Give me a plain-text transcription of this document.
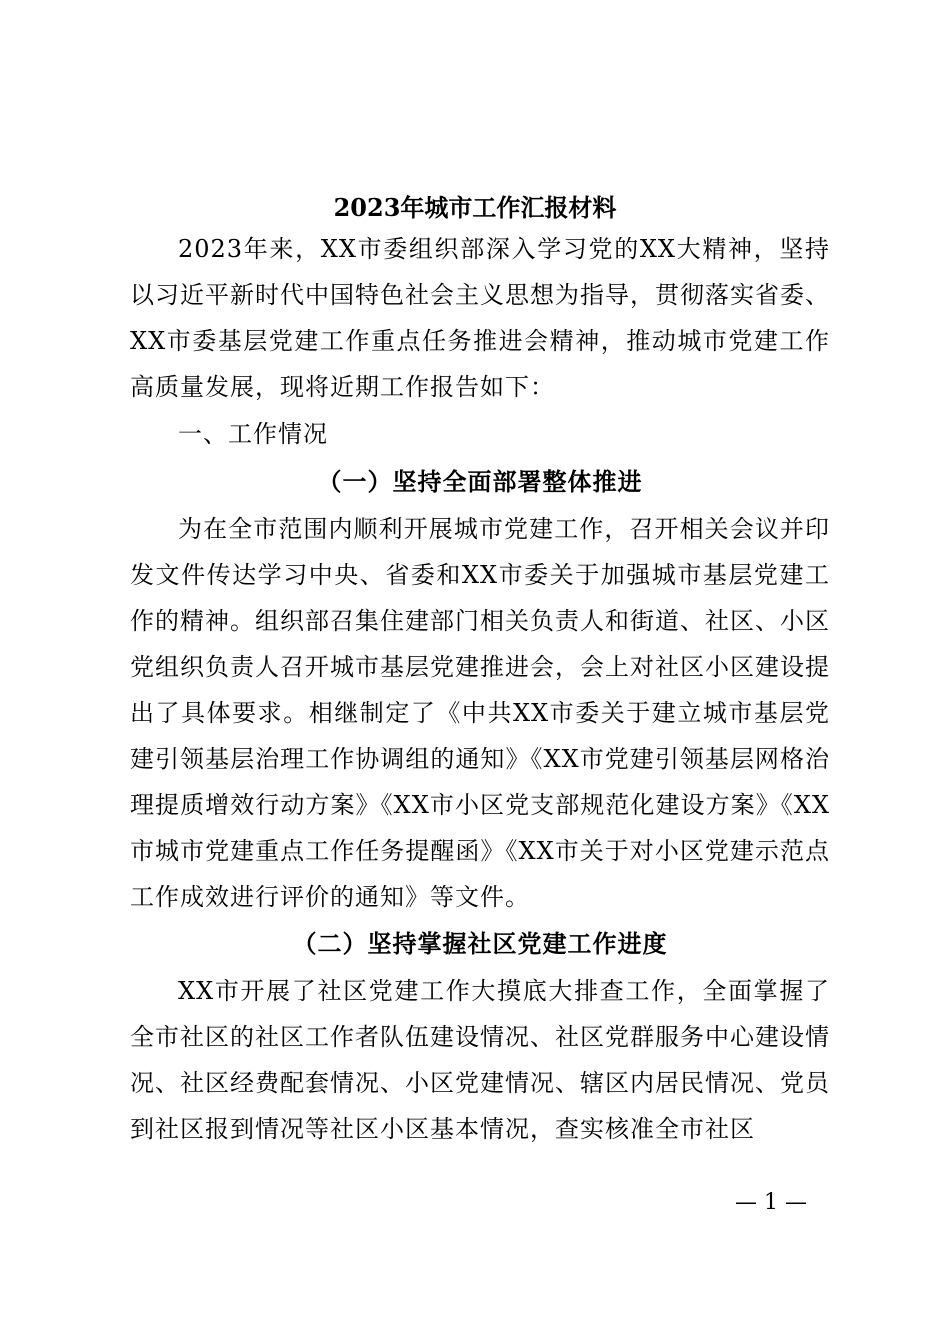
2023年城市工作汇报材料

2023年来，XX市委组织部深入学习党的XX大精神，坚持以习近平新时代中国特色社会主义思想为指导，贯彻落实省委、XX市委基层党建工作重点任务推进会精神，推动城市党建工作高质量发展，现将近期工作报告如下：

一、工作情况

（一）坚持全面部署整体推进

为在全市范围内顺利开展城市党建工作，召开相关会议并印发文件传达学习中央、省委和XX市委关于加强城市基层党建工作的精神。组织部召集住建部门相关负责人和街道、社区、小区党组织负责人召开城市基层党建推进会，会上对社区小区建设提出了具体要求。相继制定了《中共XX市委关于建立城市基层党建引领基层治理工作协调组的通知》《XX市党建引领基层网格治理提质增效行动方案》《XX市小区党支部规范化建设方案》《XX市城市党建重点工作任务提醒函》《XX市关于对小区党建示范点工作成效进行评价的通知》等文件。

（二）坚持掌握社区党建工作进度

XX市开展了社区党建工作大摸底大排查工作，全面掌握了全市社区的社区工作者队伍建设情况、社区党群服务中心建设情况、社区经费配套情况、小区党建情况、辖区内居民情况、党员到社区报到情况等社区小区基本情况，查实核准全市社区

— 1 —
